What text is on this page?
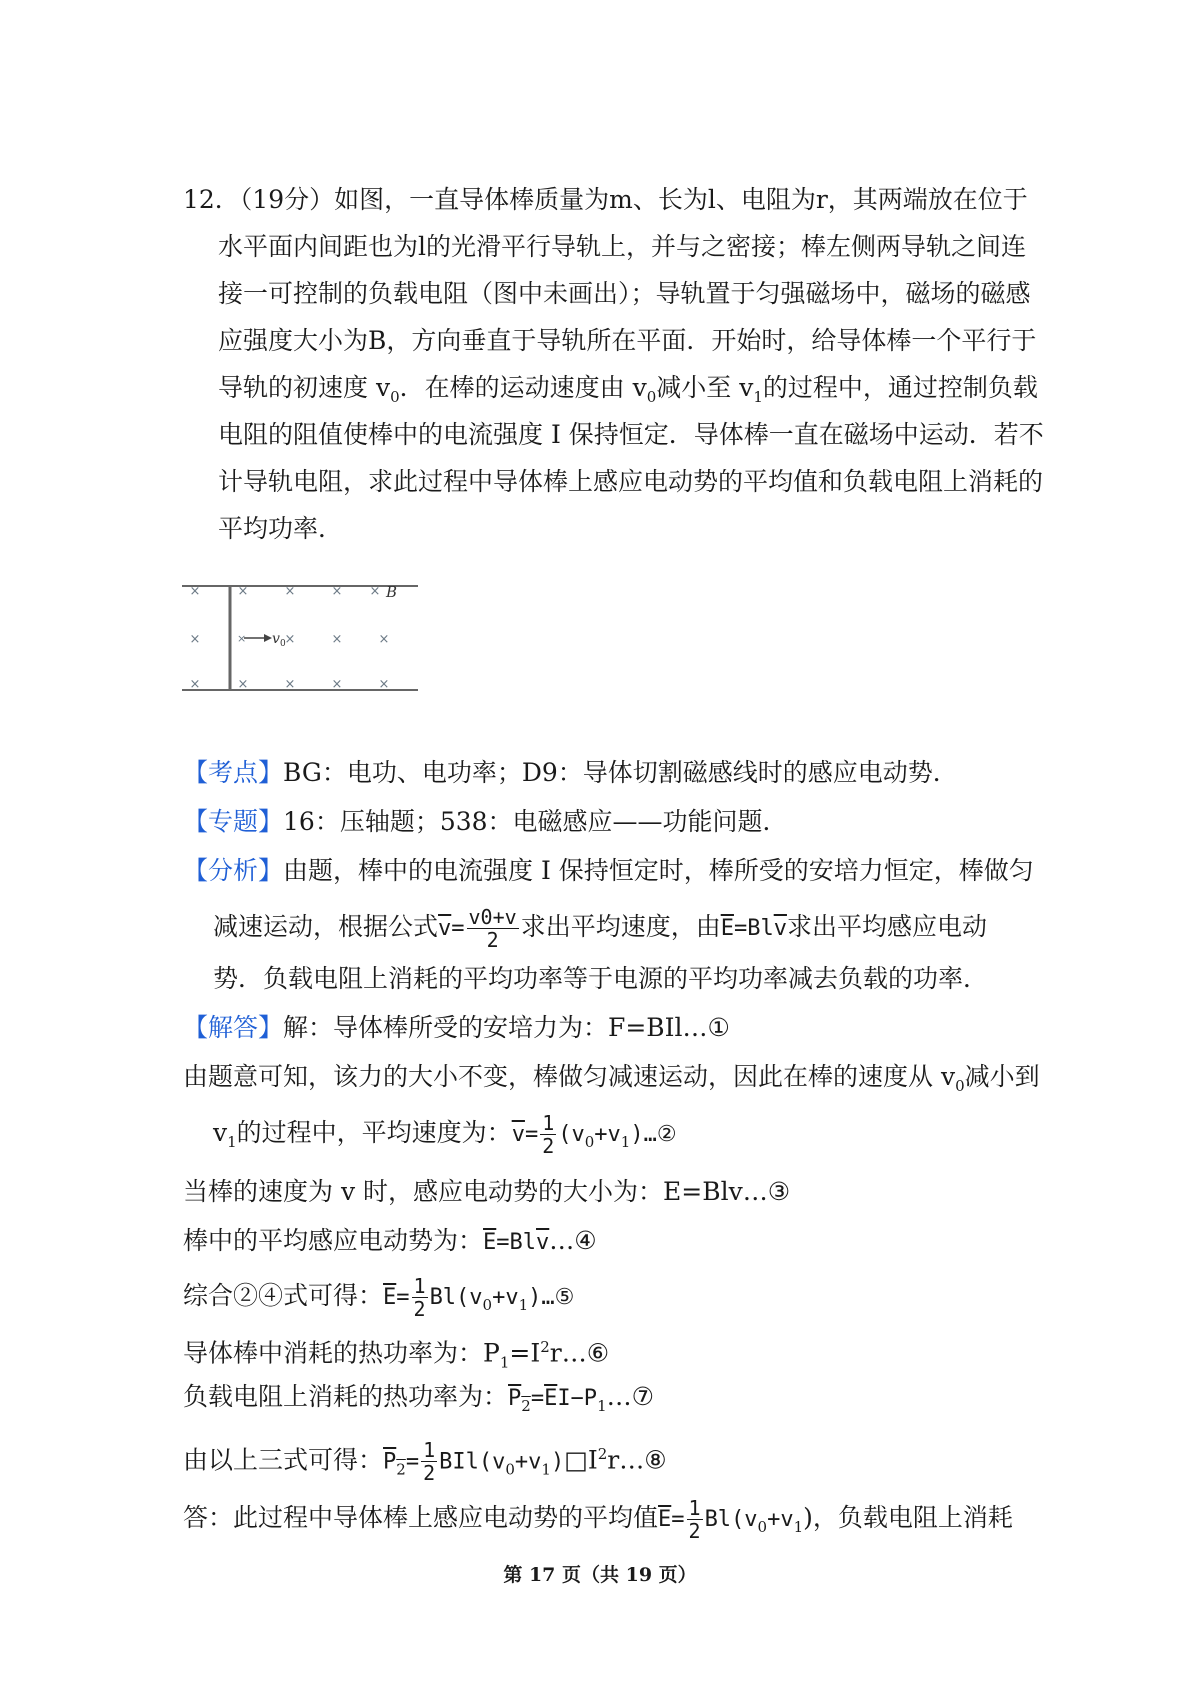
12．（19分）如图，一直导体棒质量为m、长为l、电阻为r，其两端放在位于
水平面内间距也为l的光滑平行导轨上，并与之密接；棒左侧两导轨之间连
接一可控制的负载电阻（图中未画出）；导轨置于匀强磁场中，磁场的磁感
应强度大小为B，方向垂直于导轨所在平面．开始时，给导体棒一个平行于
导轨的初速度 $v_0$．在棒的运动速度由 $v_0$减小至 $v_1$的过程中，通过控制负载
电阻的阻值使棒中的电流强度 I 保持恒定．导体棒一直在磁场中运动．若不
计导轨电阻，求此过程中导体棒上感应电动势的平均值和负载电阻上消耗的
平均功率．
×	×	×	× ×
×	×	×	×
×	×	×	×	×
× v 0
B
【考点】BG：电功、电功率；D9：导体切割磁感线时的感应电动势．
【专题】16：压轴题；538：电磁感应——功能问题．
【分析】由题，棒中的电流强度 I 保持恒定时，棒所受的安培力恒定，棒做匀
减速运动，根据公式$\overline{v}= \frac{v0+v}{2}$ 求出平均速度，由$\overline{E}=Bl\overline{v}$求出平均感应电动
势．负载电阻上消耗的平均功率等于电源的平均功率减去负载的功率．
【解答】解：导体棒所受的安培力为：F=BIl…①
由题意可知，该力的大小不变，棒做匀减速运动，因此在棒的速度从 $v_0$减小到
$v_1$的过程中，平均速度为：$\overline{v}= \frac{1}{2}$ $(v_0+v_1)\dots ②$
当棒的速度为 v 时，感应电动势的大小为：E=Blv…③
棒中的平均感应电动势为：$\overline{E}=Bl\overline{v}\dots ④$
综合②④式可得：$\overline{E}= \frac{1}{2}$ $Bl(v_0+v_1)\dots ⑤$
导体棒中消耗的热功率为：$P_1=I^2r\dots ⑥$
负载电阻上消耗的热功率为：$\overline{P}_2=\overline{E}I-P_1\dots ⑦$
由以上三式可得：$\overline{P}_2= \frac{1}{2}$ $BIl(v_0+v_1)□I^2r\dots ⑧$
答：此过程中导体棒上感应电动势的平均值$\overline{E}= \frac{1}{2} Bl(v_0+v_1)$，负载电阻上消耗
第 17 页（共 19 页）
